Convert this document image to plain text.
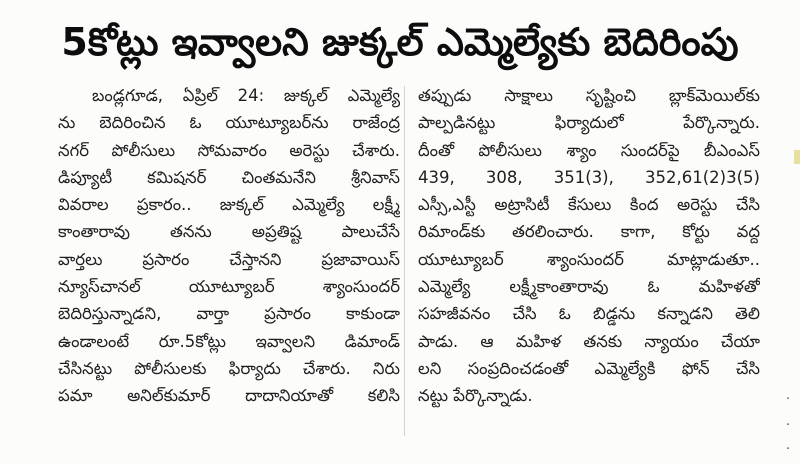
5కోట్లు ఇవ్వాలని జుక్కల్ ఎమ్మెల్యేకు బెదిరింపు
బండ్లగూడ, ఏప్రిల్ 24: జుక్కల్ ఎమ్మెల్యే
ను బెదిరించిన ఓ యూట్యూబర్‌ను రాజేంద్ర
నగర్ పోలీసులు సోమవారం అరెస్టు చేశారు.
డిప్యూటీ కమిషనర్ చింతమనేని శ్రీనివాస్
వివరాల ప్రకారం.. జుక్కల్ ఎమ్మెల్యే లక్ష్మీ
కాంతారావు తనను అప్రతిష్ట పాలుచేసే
వార్తలు ప్రసారం చేస్తానని ప్రజావాయిస్
న్యూస్‌చానల్ యూట్యూబర్ శ్యాంసుందర్
బెదిరిస్తున్నాడని, వార్తా ప్రసారం కాకుండా
ఉండాలంటే రూ.5కోట్లు ఇవ్వాలని డిమాండ్
చేసినట్టు పోలీసులకు ఫిర్యాదు చేశారు. నిరు
పమా అనిల్‌కుమార్ దాదానియాతో కలిసి
తప్పుడు సాక్షాలు సృష్టించి బ్లాక్‌మెయిల్‌కు
పాల్పడినట్టు ఫిర్యాదులో పేర్కొన్నారు.
దీంతో పోలీసులు శ్యాం సుందర్‌పై బీఎంఎస్
439, 308, 351(3), 352,61(2)3(5)
ఎస్సీ,ఎస్టీ అట్రాసిటీ కేసులు కింద అరెస్టు చేసి
రిమాండ్‌కు తరలించారు. కాగా, కోర్టు వద్ద
యూట్యూబర్ శ్యాంసుందర్ మాట్లాడుతూ..
ఎమ్మెల్యే లక్ష్మీకాంతారావు ఓ మహిళతో
సహజీవనం చేసి ఓ బిడ్డను కన్నాడని తెలి
పాడు. ఆ మహిళ తనకు న్యాయం చేయా
లని సంప్రదించడంతో ఎమ్మెల్యేకి ఫోన్ చేసి
నట్టు పేర్కొన్నాడు.	·
·
·
